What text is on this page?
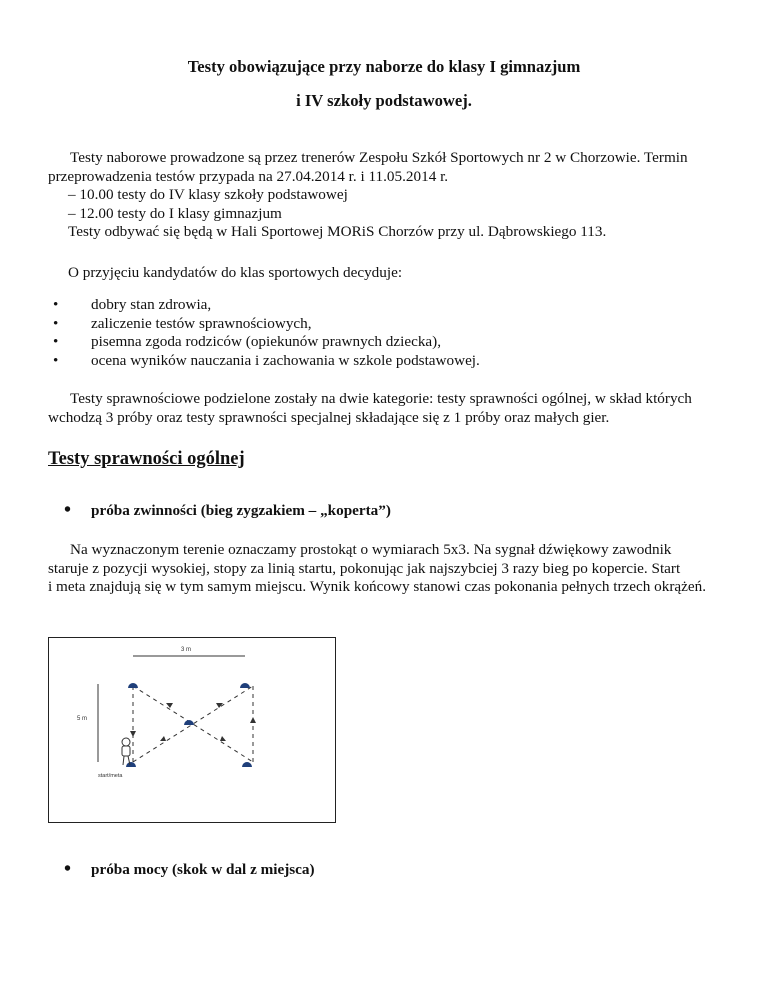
Testy obowiązujące przy naborze do klasy I gimnazjum
i IV szkoły podstawowej.
Testy naborowe prowadzone są przez trenerów Zespołu Szkół Sportowych nr 2 w Chorzowie. Termin
przeprowadzenia testów przypada na 27.04.2014 r. i 11.05.2014 r.
– 10.00 testy do IV klasy szkoły podstawowej
– 12.00 testy do I klasy gimnazjum
Testy odbywać się będą w Hali Sportowej MORiS Chorzów przy ul. Dąbrowskiego 113.
O przyjęciu kandydatów do klas sportowych decyduje:
• dobry stan zdrowia,
• zaliczenie testów sprawnościowych,
• pisemna zgoda rodziców (opiekunów prawnych dziecka),
• ocena wyników nauczania i zachowania w szkole podstawowej.
Testy sprawnościowe podzielone zostały na dwie kategorie: testy sprawności ogólnej, w skład których
wchodzą 3 próby oraz testy sprawności specjalnej składające się z 1 próby oraz małych gier.
Testy sprawności ogólnej
• próba zwinności (bieg zygzakiem – „koperta”)
Na wyznaczonym terenie oznaczamy prostokąt o wymiarach 5x3. Na sygnał dźwiękowy zawodnik
staruje z pozycji wysokiej, stopy za linią startu, pokonując jak najszybciej 3 razy bieg po kopercie. Start
i meta znajdują się w tym samym miejscu. Wynik końcowy stanowi czas pokonania pełnych trzech okrążeń.
3 m
5 m
start/meta
• próba mocy (skok w dal z miejsca)
